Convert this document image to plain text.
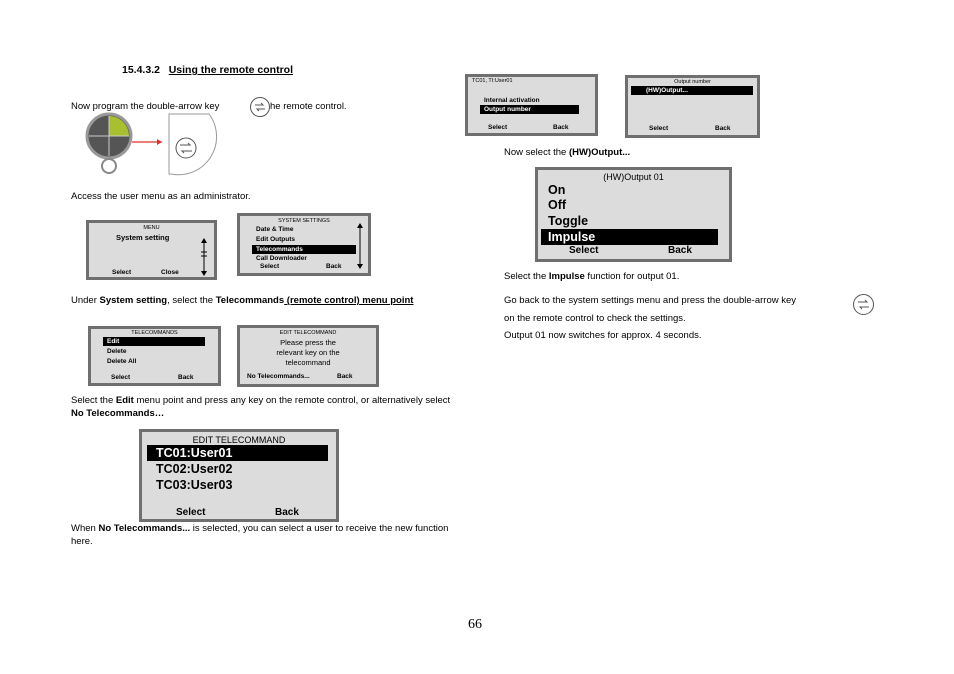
15.4.3.2 Using the remote control
Now program the double-arrow key	he remote control.
Access the user menu as an administrator.
MENU
System setting
Select	Close
SYSTEM SETTINGS
Date & Time
Edit Outputs
Telecommands
Call Downloader
Select	Back
Under System setting, select the Telecommands (remote control) menu point
TELECOMMANDS
Edit
Delete
Delete All
Select	Back
EDIT TELECOMMAND
Please press the
relevant key on the
telecommand
No Telecommands...	Back
Select the Edit menu point and press any key on the remote control, or alternatively select No Telecommands…
EDIT TELECOMMAND
TC01:User01
TC02:User02
TC03:User03
Select	Back
When No Telecommands... is selected, you can select a user to receive the new function here.
TC01, TI:User01
Internal activation
Output number
Select	Back
Output number
(HW)Output...
Select	Back
Now select the (HW)Output...
(HW)Output 01
On
Off
Toggle
Impulse
Select	Back
Select the Impulse function for output 01.
Go back to the system settings menu and press the double-arrow key
on the remote control to check the settings.
Output 01 now switches for approx. 4 seconds.
66
